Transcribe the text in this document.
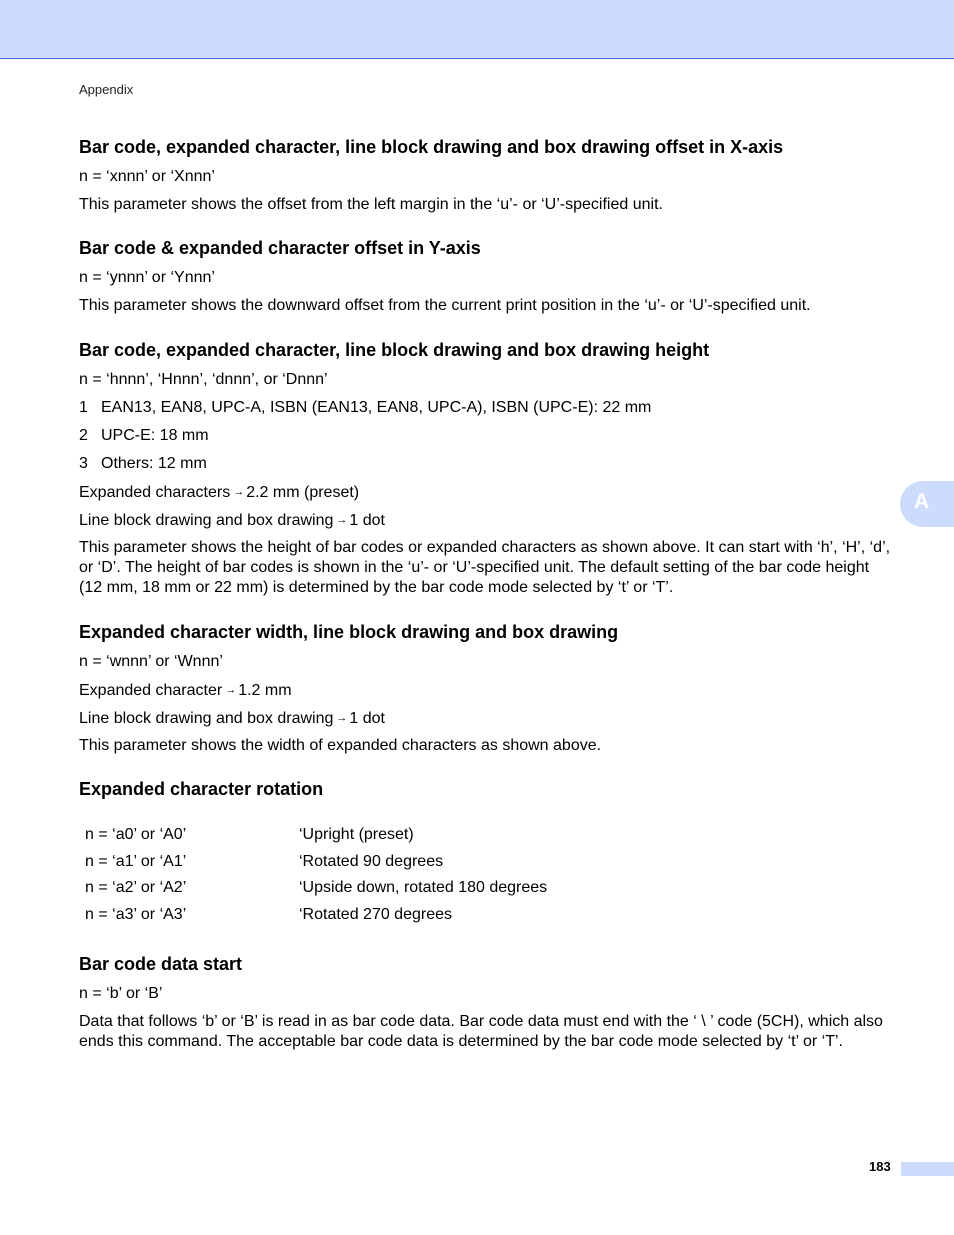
Appendix
A
Bar code, expanded character, line block drawing and box drawing offset in X-axis
n = ‘xnnn’ or ‘Xnnn’
This parameter shows the offset from the left margin in the ‘u’- or ‘U’-specified unit.
Bar code & expanded character offset in Y-axis
n = ‘ynnn’ or ‘Ynnn’
This parameter shows the downward offset from the current print position in the ‘u’- or ‘U’-specified unit.
Bar code, expanded character, line block drawing and box drawing height
n = ‘hnnn’, ‘Hnnn’, ‘dnnn’, or ‘Dnnn’
1 EAN13, EAN8, UPC-A, ISBN (EAN13, EAN8, UPC-A), ISBN (UPC-E): 22 mm
2 UPC-E: 18 mm
3 Others: 12 mm
Expanded characters → 2.2 mm (preset)
Line block drawing and box drawing → 1 dot
This parameter shows the height of bar codes or expanded characters as shown above. It can start with ‘h’, ‘H’, ‘d’, or ‘D’. The height of bar codes is shown in the ‘u’- or ‘U’-specified unit. The default setting of the bar code height (12 mm, 18 mm or 22 mm) is determined by the bar code mode selected by ‘t’ or ‘T’.
Expanded character width, line block drawing and box drawing
n = ‘wnnn’ or ‘Wnnn’
Expanded character → 1.2 mm
Line block drawing and box drawing → 1 dot
This parameter shows the width of expanded characters as shown above.
Expanded character rotation
n = ‘a0’ or ‘A0’	‘Upright (preset)
n = ‘a1’ or ‘A1’	‘Rotated 90 degrees
n = ‘a2’ or ‘A2’	‘Upside down, rotated 180 degrees
n = ‘a3’ or ‘A3’	‘Rotated 270 degrees
Bar code data start
n = ‘b’ or ‘B’
Data that follows ‘b’ or ‘B’ is read in as bar code data. Bar code data must end with the ‘ \ ’ code (5CH), which also ends this command. The acceptable bar code data is determined by the bar code mode selected by ‘t’ or ‘T’.
183
